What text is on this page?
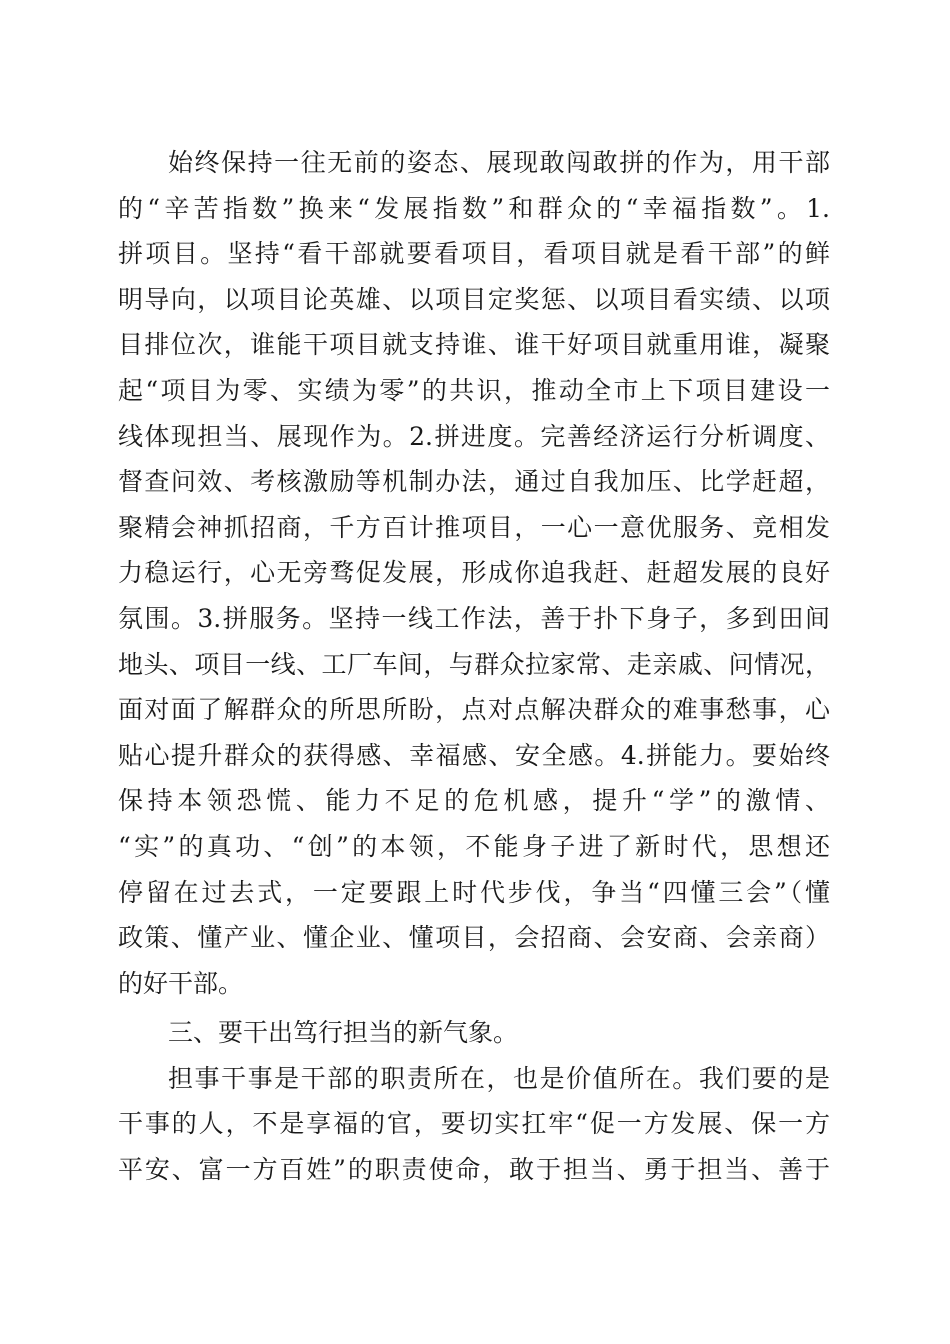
始终保持一往无前的姿态、展现敢闯敢拼的作为，用干部
的“辛苦指数”换来“发展指数”和群众的“幸福指数”。1.
拼项目。坚持“看干部就要看项目，看项目就是看干部”的鲜
明导向，以项目论英雄、以项目定奖惩、以项目看实绩、以项
目排位次，谁能干项目就支持谁、谁干好项目就重用谁，凝聚
起“项目为零、实绩为零”的共识，推动全市上下项目建设一
线体现担当、展现作为。2.拼进度。完善经济运行分析调度、
督查问效、考核激励等机制办法，通过自我加压、比学赶超，
聚精会神抓招商，千方百计推项目，一心一意优服务、竞相发
力稳运行，心无旁骛促发展，形成你追我赶、赶超发展的良好
氛围。3.拼服务。坚持一线工作法，善于扑下身子，多到田间
地头、项目一线、工厂车间，与群众拉家常、走亲戚、问情况，
面对面了解群众的所思所盼，点对点解决群众的难事愁事，心
贴心提升群众的获得感、幸福感、安全感。4.拼能力。要始终
保持本领恐慌、能力不足的危机感，提升“学”的激情、
“实”的真功、“创”的本领，不能身子进了新时代，思想还
停留在过去式，一定要跟上时代步伐，争当“四懂三会”（懂
政策、懂产业、懂企业、懂项目，会招商、会安商、会亲商）
的好干部。
三、要干出笃行担当的新气象。
担事干事是干部的职责所在，也是价值所在。我们要的是
干事的人，不是享福的官，要切实扛牢“促一方发展、保一方
平安、富一方百姓”的职责使命，敢于担当、勇于担当、善于
